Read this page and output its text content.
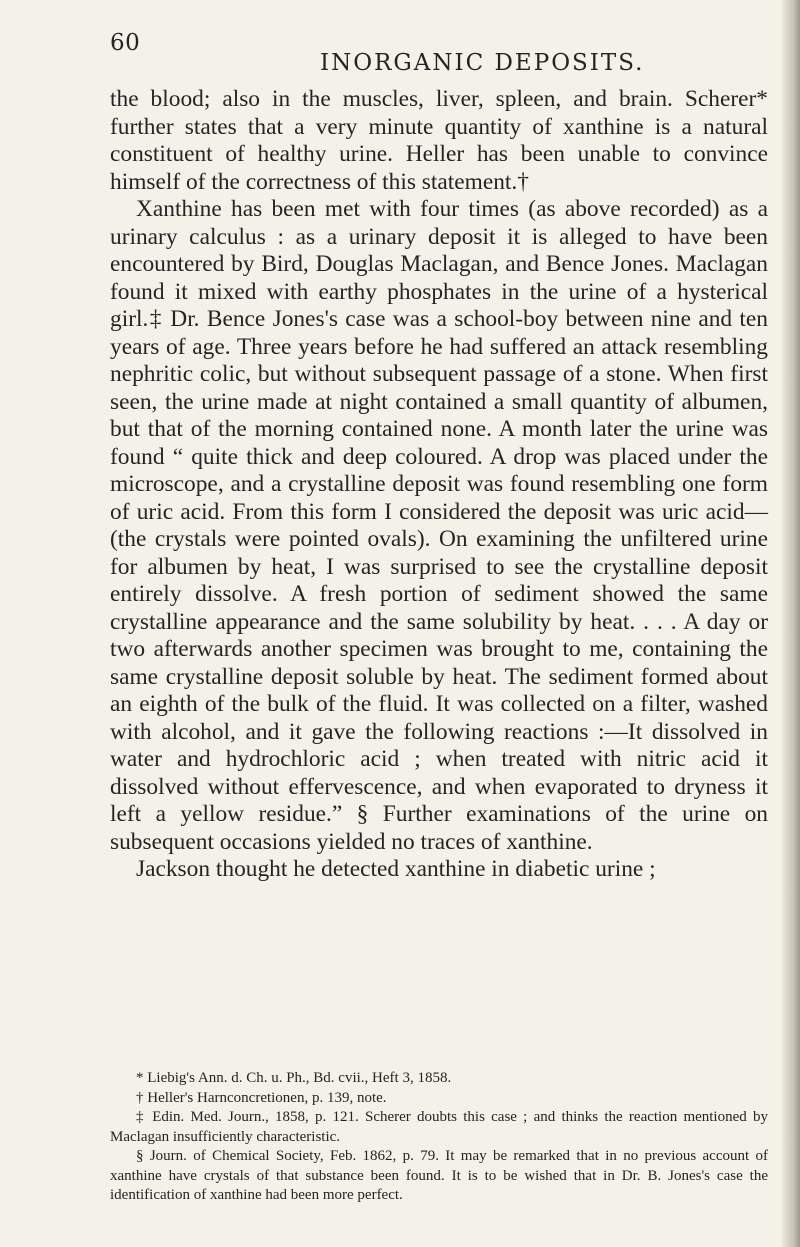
60
INORGANIC DEPOSITS.

the blood; also in the muscles, liver, spleen, and brain. Scherer* further states that a very minute quantity of xanthine is a natural constituent of healthy urine. Heller has been unable to convince himself of the correctness of this statement.†

Xanthine has been met with four times (as above recorded) as a urinary calculus : as a urinary deposit it is alleged to have been encountered by Bird, Douglas Maclagan, and Bence Jones. Maclagan found it mixed with earthy phosphates in the urine of a hysterical girl.‡ Dr. Bence Jones's case was a school-boy between nine and ten years of age. Three years before he had suffered an attack resembling nephritic colic, but without subsequent passage of a stone. When first seen, the urine made at night contained a small quantity of albumen, but that of the morning contained none. A month later the urine was found “ quite thick and deep coloured. A drop was placed under the microscope, and a crystalline deposit was found resembling one form of uric acid. From this form I considered the deposit was uric acid—(the crystals were pointed ovals). On examining the unfiltered urine for albumen by heat, I was surprised to see the crystalline deposit entirely dissolve. A fresh portion of sediment showed the same crystalline appearance and the same solubility by heat. . . . A day or two afterwards another specimen was brought to me, containing the same crystalline deposit soluble by heat. The sediment formed about an eighth of the bulk of the fluid. It was collected on a filter, washed with alcohol, and it gave the following reactions :—It dissolved in water and hydrochloric acid ; when treated with nitric acid it dissolved without effervescence, and when evaporated to dryness it left a yellow residue.” § Further examinations of the urine on subsequent occasions yielded no traces of xanthine.

Jackson thought he detected xanthine in diabetic urine ;

* Liebig's Ann. d. Ch. u. Ph., Bd. cvii., Heft 3, 1858.

† Heller's Harnconcretionen, p. 139, note.

‡ Edin. Med. Journ., 1858, p. 121. Scherer doubts this case ; and thinks the reaction mentioned by Maclagan insufficiently characteristic.

§ Journ. of Chemical Society, Feb. 1862, p. 79. It may be remarked that in no previous account of xanthine have crystals of that substance been found. It is to be wished that in Dr. B. Jones's case the identification of xanthine had been more perfect.
